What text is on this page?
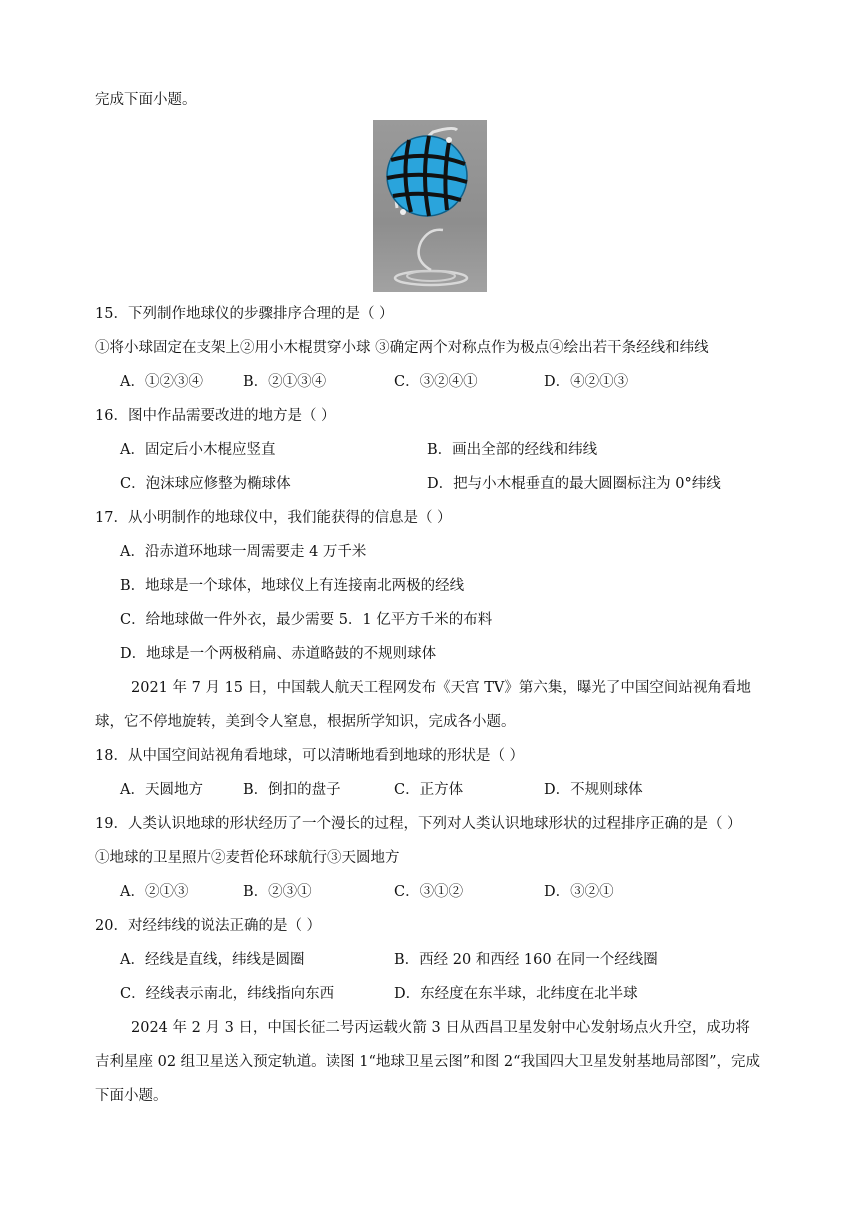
完成下面小题。
15．下列制作地球仪的步骤排序合理的是（ ）
①将小球固定在支架上②用小木棍贯穿小球 ③确定两个对称点作为极点④绘出若干条经线和纬线
A．①②③④	B．②①③④	C．③②④①	D．④②①③
16．图中作品需要改进的地方是（ ）
A．固定后小木棍应竖直	B．画出全部的经线和纬线
C．泡沫球应修整为椭球体	D．把与小木棍垂直的最大圆圈标注为 0°纬线
17．从小明制作的地球仪中，我们能获得的信息是（ ）
A．沿赤道环地球一周需要走 4 万千米
B．地球是一个球体，地球仪上有连接南北两极的经线
C．给地球做一件外衣，最少需要 5．1 亿平方千米的布料
D．地球是一个两极稍扁、赤道略鼓的不规则球体
2021 年 7 月 15 日，中国载人航天工程网发布《天宫 TV》第六集，曝光了中国空间站视角看地
球，它不停地旋转，美到令人窒息，根据所学知识，完成各小题。
18．从中国空间站视角看地球，可以清晰地看到地球的形状是（ ）
A．天圆地方	B．倒扣的盘子	C．正方体	D．不规则球体
19．人类认识地球的形状经历了一个漫长的过程，下列对人类认识地球形状的过程排序正确的是（ ）
①地球的卫星照片②麦哲伦环球航行③天圆地方
A．②①③	B．②③①	C．③①②	D．③②①
20．对经纬线的说法正确的是（ ）
A．经线是直线，纬线是圆圈	B．西经 20 和西经 160 在同一个经线圈
C．经线表示南北，纬线指向东西	D．东经度在东半球，北纬度在北半球
2024 年 2 月 3 日，中国长征二号丙运载火箭 3 日从西昌卫星发射中心发射场点火升空，成功将
吉利星座 02 组卫星送入预定轨道。读图 1“地球卫星云图”和图 2“我国四大卫星发射基地局部图”，完成
下面小题。
